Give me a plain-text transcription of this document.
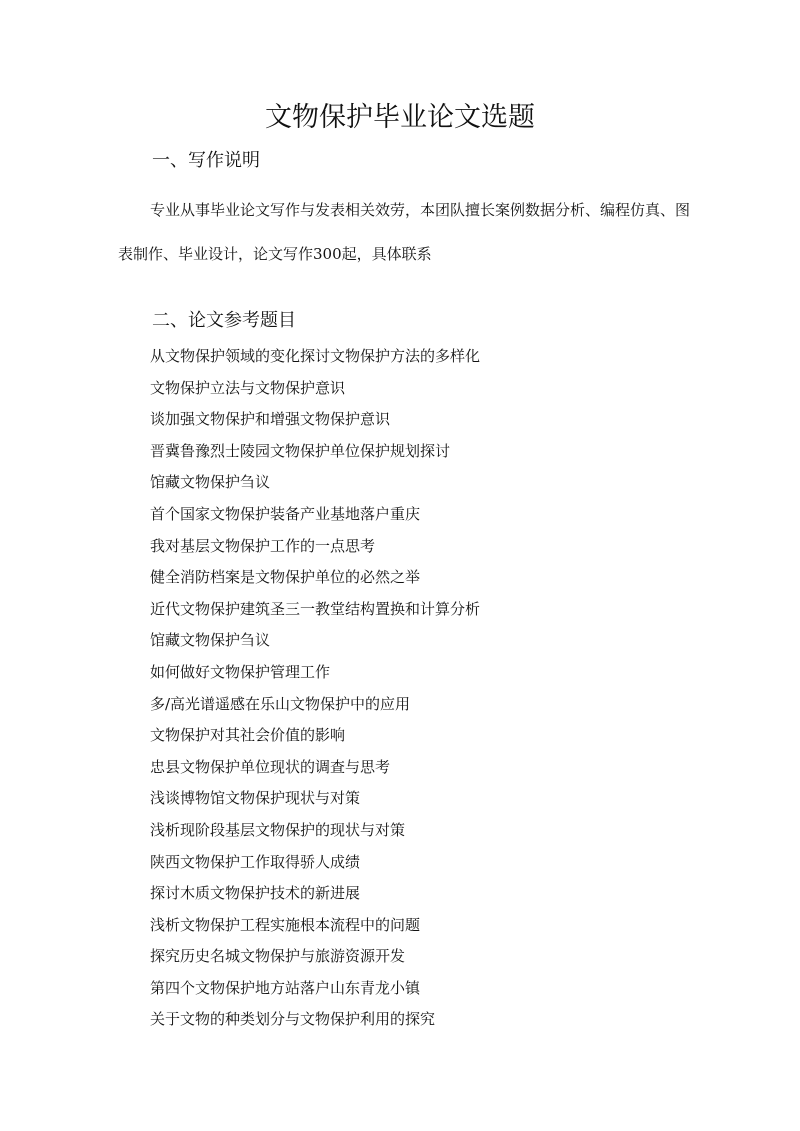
文物保护毕业论文选题
一、写作说明

专业从事毕业论文写作与发表相关效劳，本团队擅长案例数据分析、编程仿真、图表制作、毕业设计，论文写作300起，具体联系

二、论文参考题目
从文物保护领域的变化探讨文物保护方法的多样化
文物保护立法与文物保护意识
谈加强文物保护和增强文物保护意识
晋冀鲁豫烈士陵园文物保护单位保护规划探讨
馆藏文物保护刍议
首个国家文物保护装备产业基地落户重庆
我对基层文物保护工作的一点思考
健全消防档案是文物保护单位的必然之举
近代文物保护建筑圣三一教堂结构置换和计算分析
馆藏文物保护刍议
如何做好文物保护管理工作
多/高光谱遥感在乐山文物保护中的应用
文物保护对其社会价值的影响
忠县文物保护单位现状的调查与思考
浅谈博物馆文物保护现状与对策
浅析现阶段基层文物保护的现状与对策
陕西文物保护工作取得骄人成绩
探讨木质文物保护技术的新进展
浅析文物保护工程实施根本流程中的问题
探究历史名城文物保护与旅游资源开发
第四个文物保护地方站落户山东青龙小镇
关于文物的种类划分与文物保护利用的探究
